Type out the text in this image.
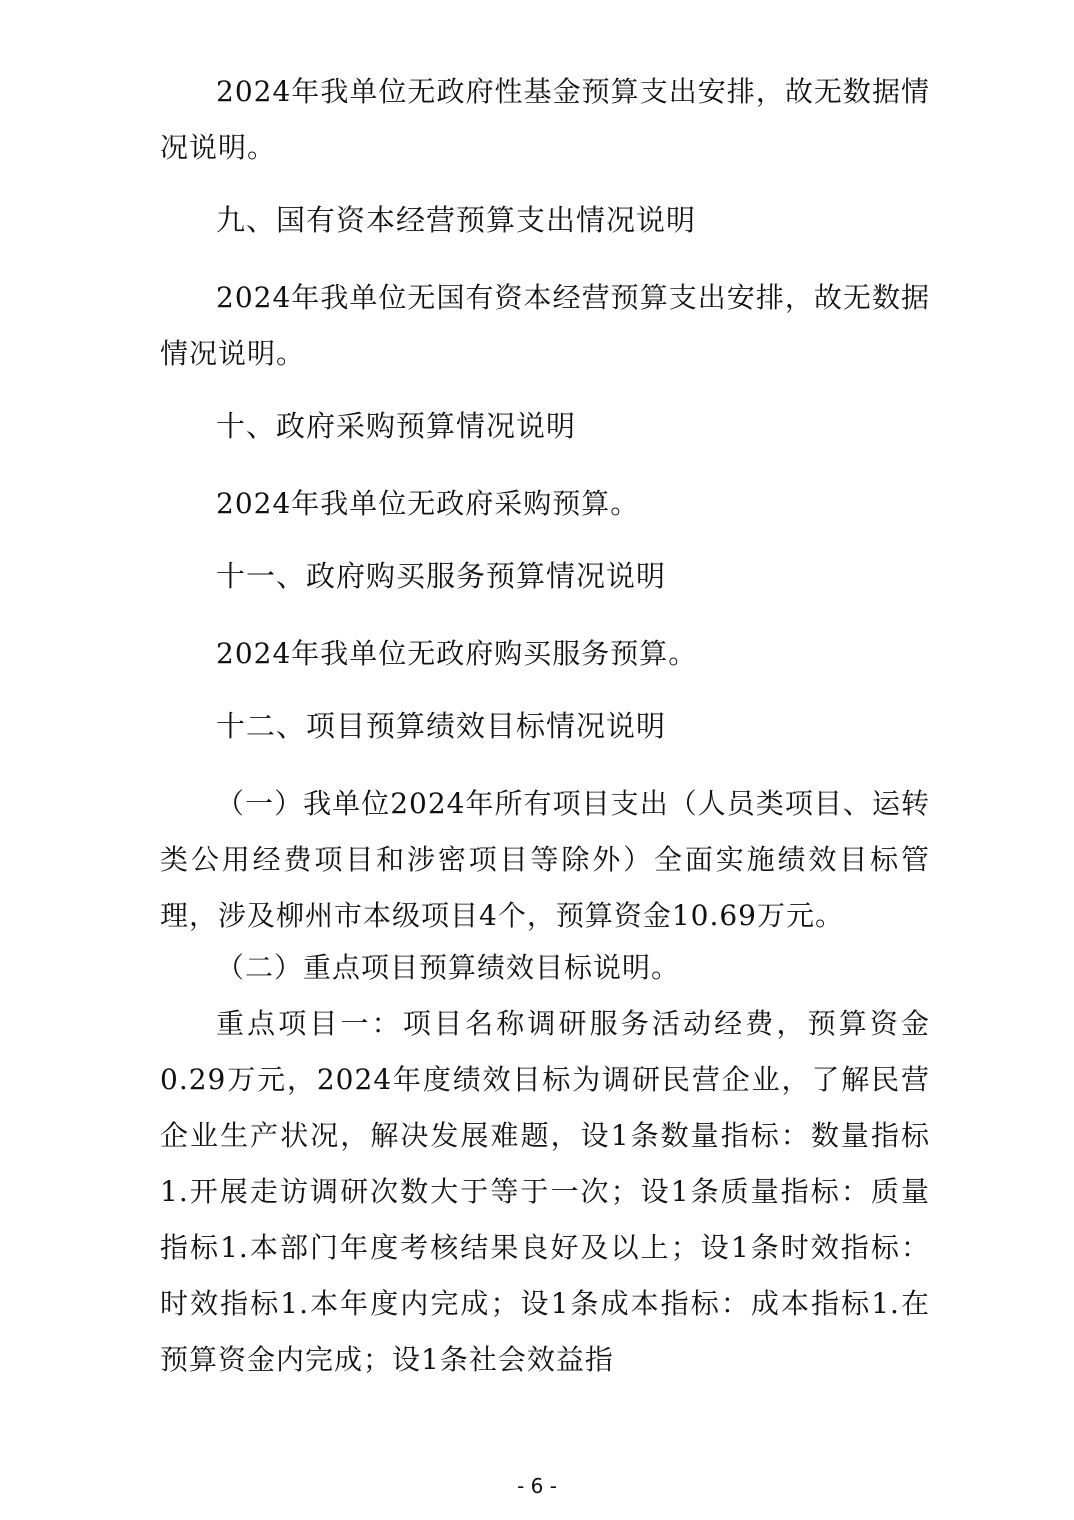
2024年我单位无政府性基金预算支出安排，故无数据情况说明。

九、国有资本经营预算支出情况说明

2024年我单位无国有资本经营预算支出安排，故无数据情况说明。

十、政府采购预算情况说明

2024年我单位无政府采购预算。

十一、政府购买服务预算情况说明

2024年我单位无政府购买服务预算。

十二、项目预算绩效目标情况说明

（一）我单位2024年所有项目支出（人员类项目、运转类公用经费项目和涉密项目等除外）全面实施绩效目标管理，涉及柳州市本级项目4个，预算资金10.69万元。

（二）重点项目预算绩效目标说明。

重点项目一：项目名称调研服务活动经费，预算资金0.29万元，2024年度绩效目标为调研民营企业，了解民营企业生产状况，解决发展难题，设1条数量指标：数量指标1.开展走访调研次数大于等于一次；设1条质量指标：质量指标1.本部门年度考核结果良好及以上；设1条时效指标：时效指标1.本年度内完成；设1条成本指标：成本指标1.在预算资金内完成；设1条社会效益指

- 6 -
